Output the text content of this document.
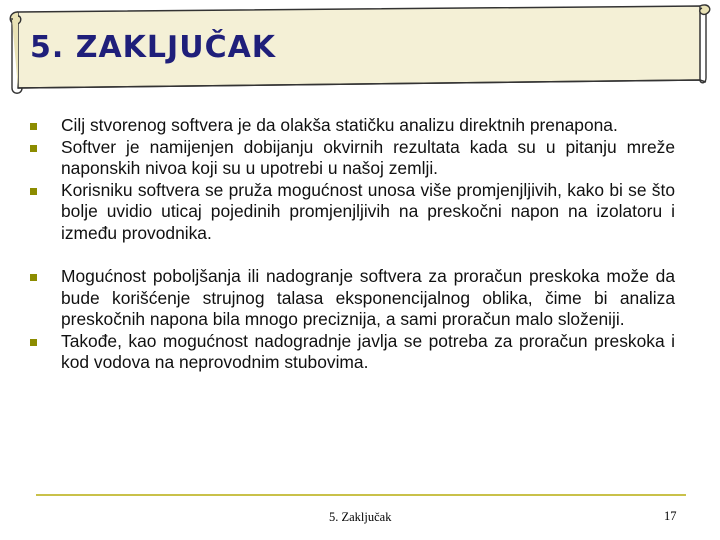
5. ZAKLJUČAK
Cilj stvorenog softvera je da olakša statičku analizu direktnih prenapona.
Softver je namijenjen dobijanju okvirnih rezultata kada su u pitanju mreže naponskih nivoa koji su u upotrebi u našoj zemlji.
Korisniku softvera se pruža mogućnost unosa više promjenjljivih, kako bi se što bolje uvidio uticaj pojedinih promjenjljivih na preskočni napon na izolatoru i između provodnika.
Mogućnost poboljšanja ili nadogranje softvera za proračun preskoka može da bude korišćenje strujnog talasa eksponencijalnog oblika, čime bi analiza preskočnih napona bila mnogo preciznija, a sami proračun malo složeniji.
Takođe, kao mogućnost nadogradnje javlja se potreba za proračun preskoka i kod vodova na neprovodnim stubovima.
5. Zaključak	17
